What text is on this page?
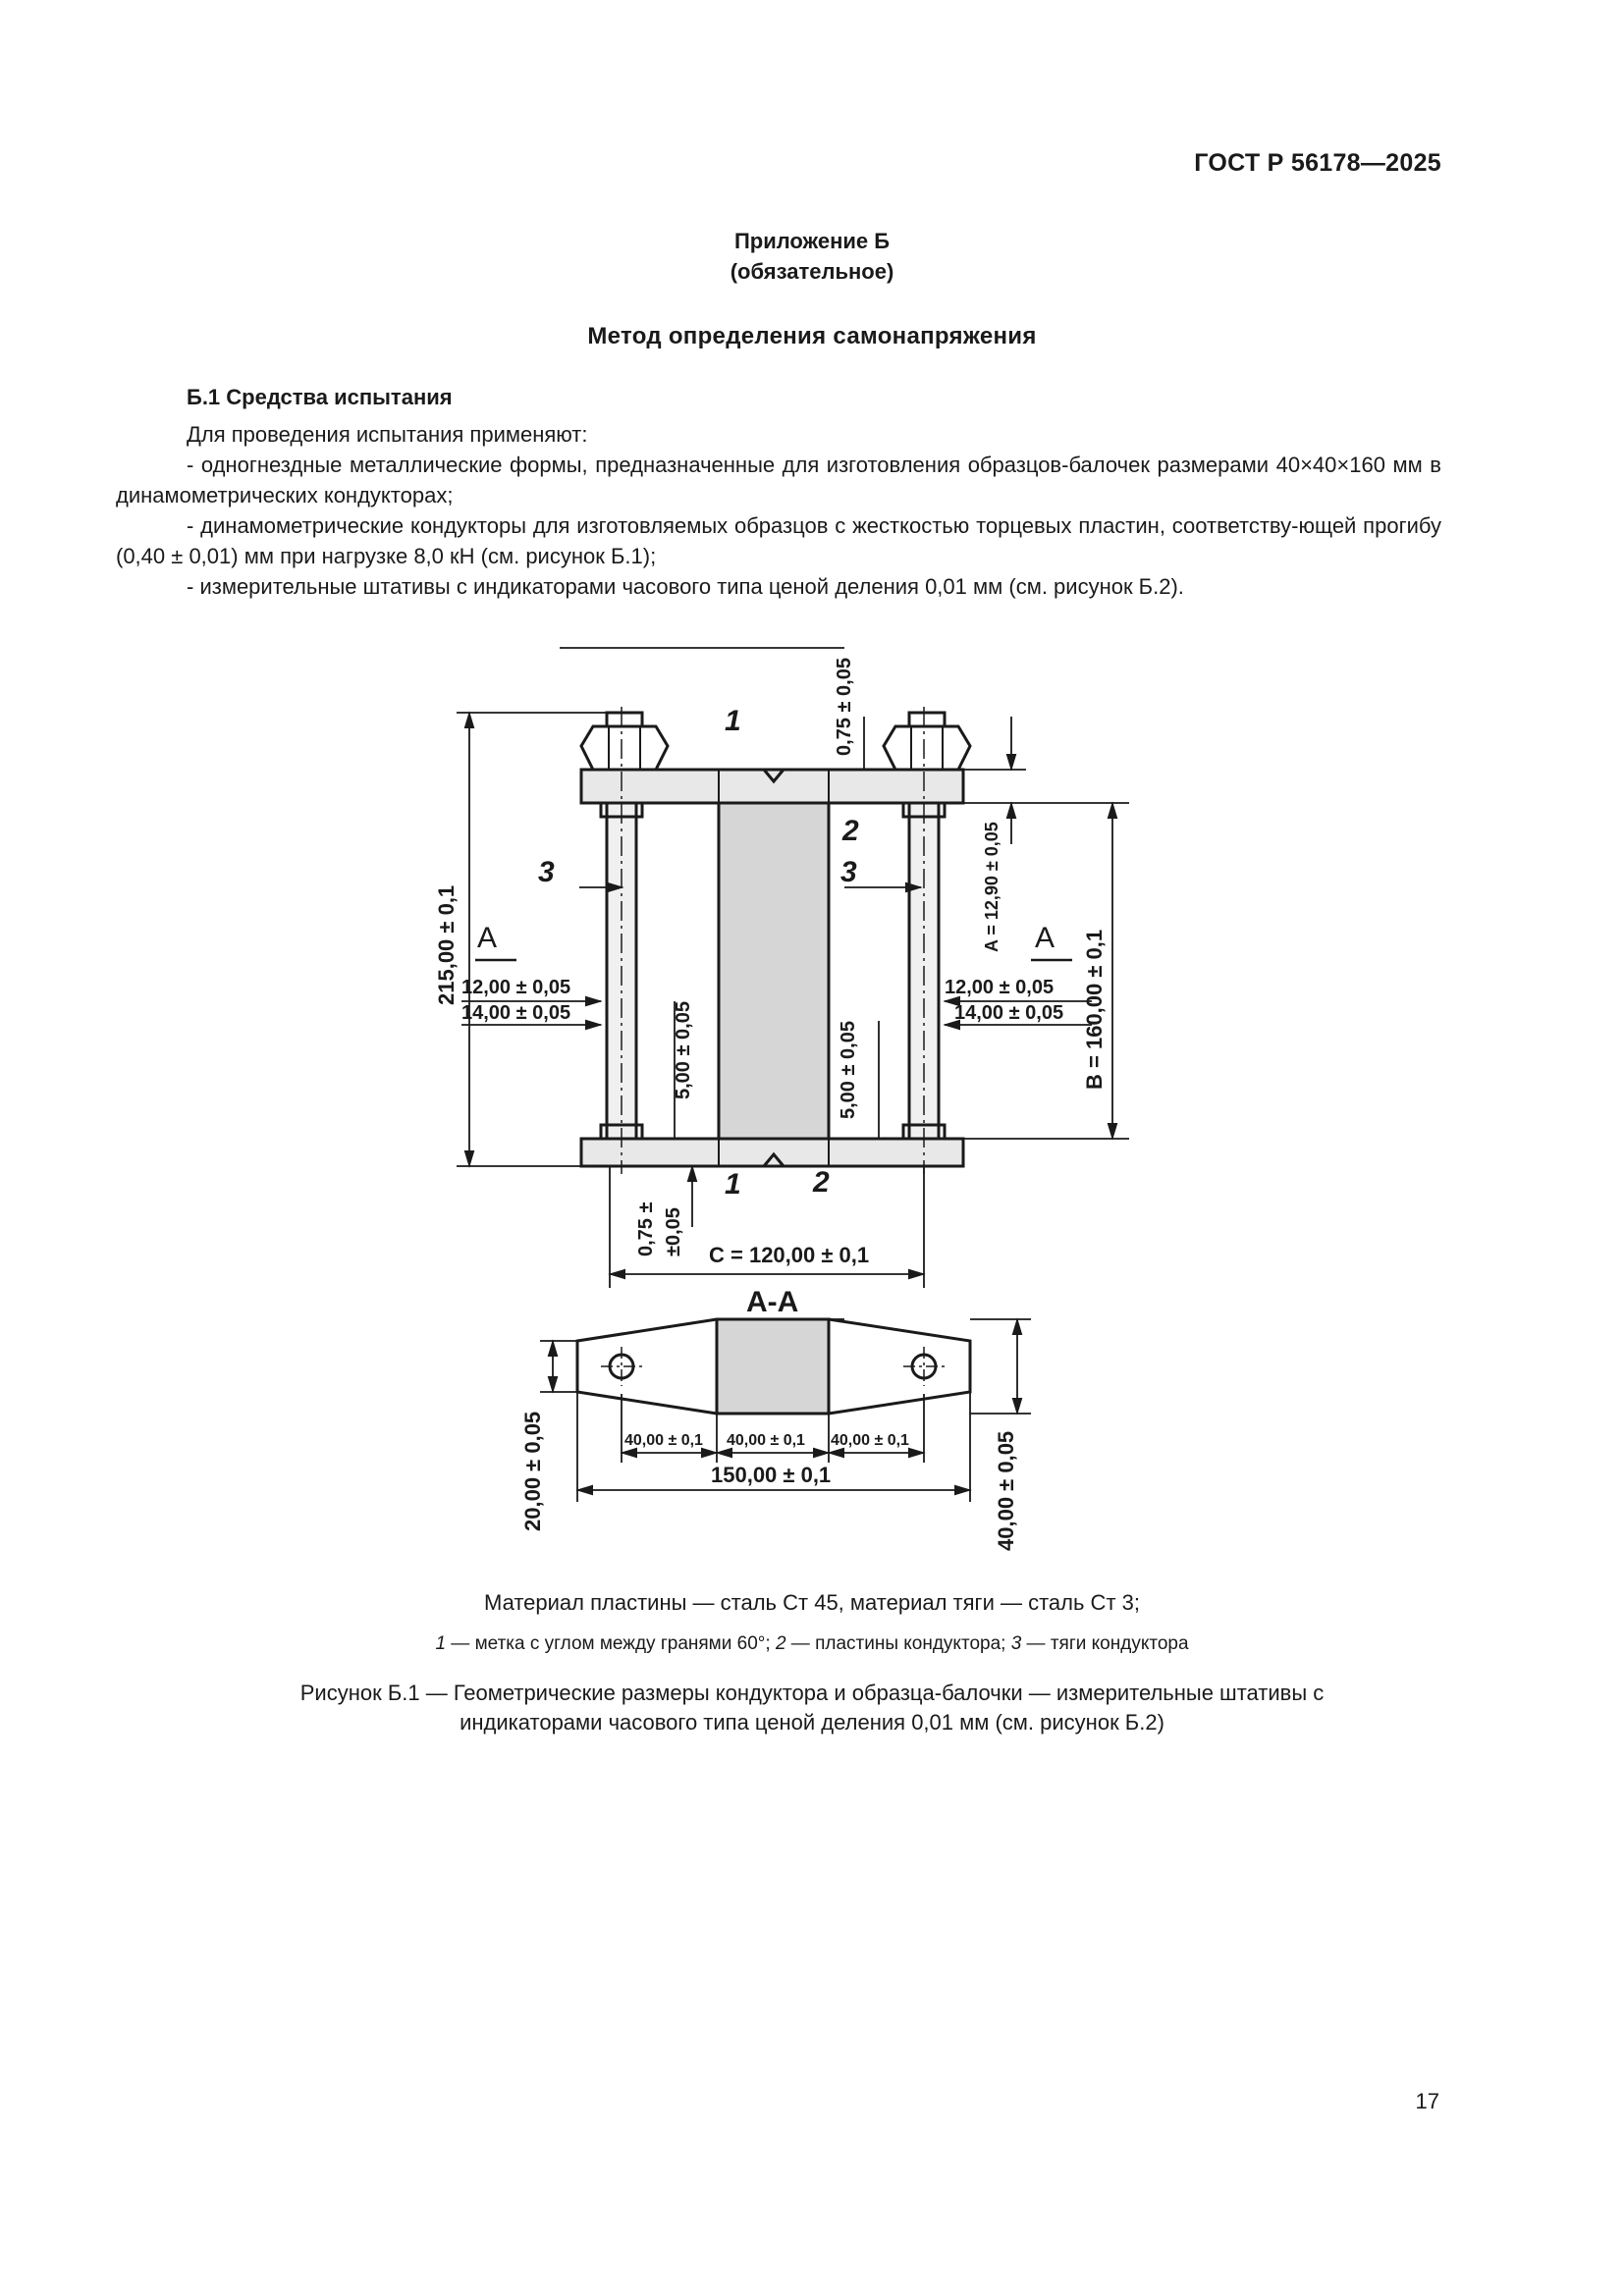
ГОСТ Р 56178—2025
Приложение Б
(обязательное)
Метод определения самонапряжения
Б.1 Средства испытания

Для проведения испытания применяют:

- одногнездные металлические формы, предназначенные для изготовления образцов-балочек размерами 40×40×160 мм в динамометрических кондукторах;

- динамометрические кондукторы для изготовляемых образцов с жесткостью торцевых пластин, соответству-ющей прогибу (0,40 ± 0,01) мм при нагрузке 8,0 кН (см. рисунок Б.1);

- измерительные штативы с индикаторами часового типа ценой деления 0,01 мм (см. рисунок Б.2).

А	А
1
1
2
2
3	3
12,00 ± 0,05
14,00 ± 0,05
12,00 ± 0,05
14,00 ± 0,05
C = 120,00 ± 0,1
215,00 ± 0,1	B = 160,00 ± 0,1
A = 12,90 ± 0,05
0,75 ± 0,05
0,75 ± ±0,05
5,00 ± 0,05	5,00 ± 0,05
А-А
40,00 ± 0,1 40,00 ± 0,1 40,00 ± 0,1
150,00 ± 0,1
20,00 ± 0,05	40,00 ± 0,05
Материал пластины — сталь Ст 45, материал тяги — сталь Ст 3;
1 — метка с углом между гранями 60°; 2 — пластины кондуктора; 3 — тяги кондуктора
Рисунок Б.1 — Геометрические размеры кондуктора и образца-балочки — измерительные штативы с
индикаторами часового типа ценой деления 0,01 мм (см. рисунок Б.2)
17
